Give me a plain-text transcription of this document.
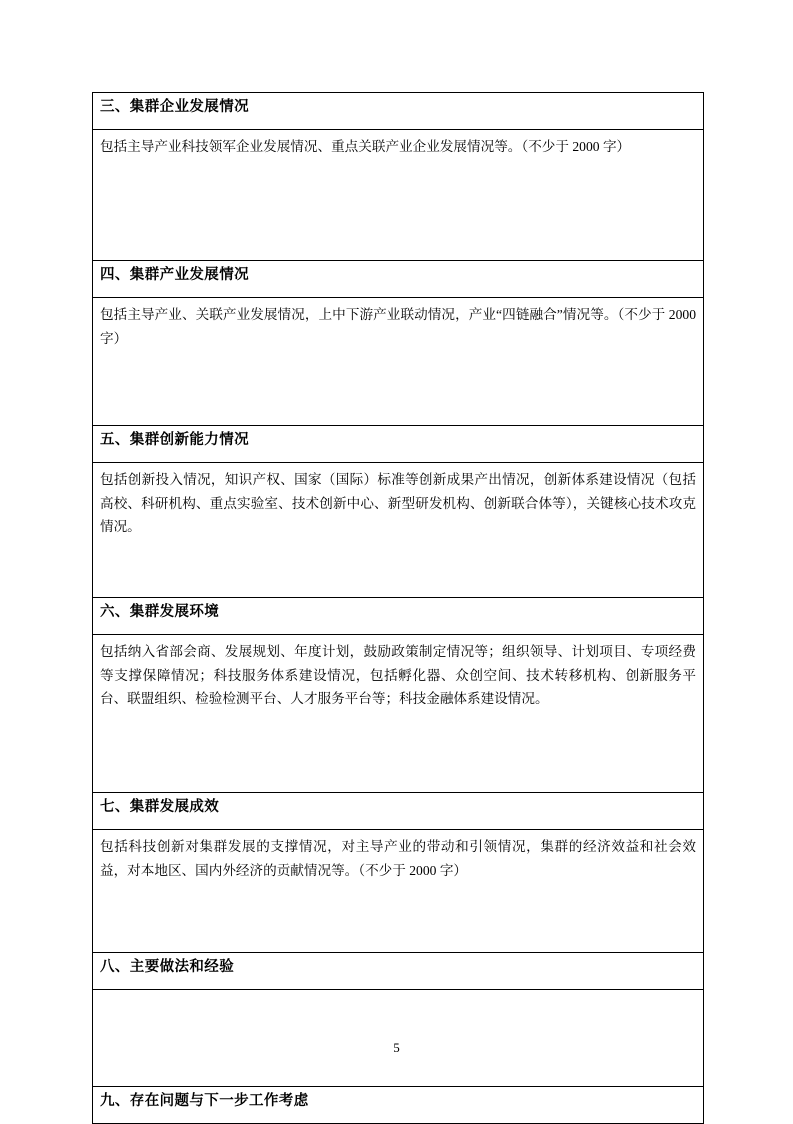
三、集群企业发展情况
包括主导产业科技领军企业发展情况、重点关联产业企业发展情况等。（不少于 2000 字）
四、集群产业发展情况
包括主导产业、关联产业发展情况，上中下游产业联动情况，产业“四链融合”情况等。（不少于 2000 字）
五、集群创新能力情况
包括创新投入情况，知识产权、国家（国际）标准等创新成果产出情况，创新体系建设情况（包括高校、科研机构、重点实验室、技术创新中心、新型研发机构、创新联合体等），关键核心技术攻克情况。
六、集群发展环境
包括纳入省部会商、发展规划、年度计划，鼓励政策制定情况等；组织领导、计划项目、专项经费等支撑保障情况；科技服务体系建设情况，包括孵化器、众创空间、技术转移机构、创新服务平台、联盟组织、检验检测平台、人才服务平台等；科技金融体系建设情况。
七、集群发展成效
包括科技创新对集群发展的支撑情况，对主导产业的带动和引领情况，集群的经济效益和社会效益，对本地区、国内外经济的贡献情况等。（不少于 2000 字）
八、主要做法和经验

九、存在问题与下一步工作考虑
5
